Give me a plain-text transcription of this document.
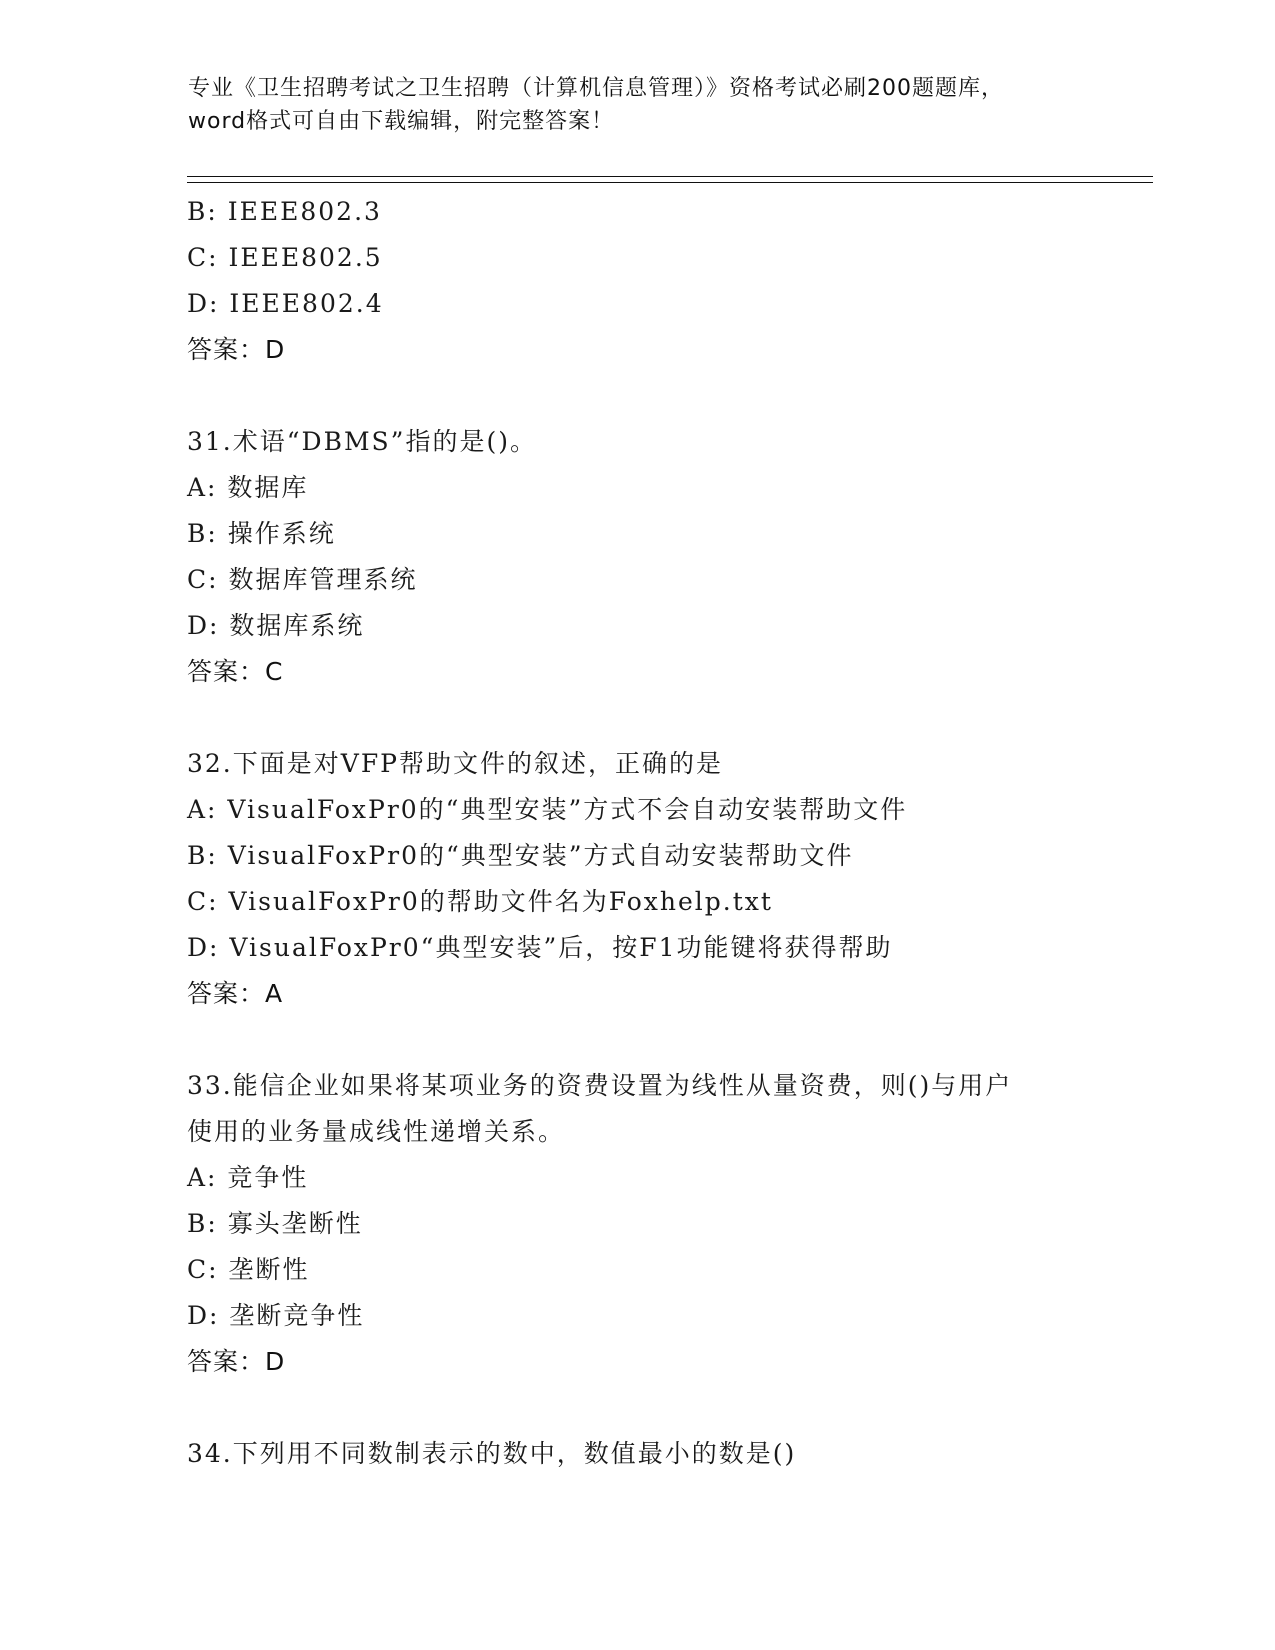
专业《卫生招聘考试之卫生招聘（计算机信息管理）》资格考试必刷200题题库，
word格式可自由下载编辑，附完整答案！
B: IEEE802.3
C: IEEE802.5
D: IEEE802.4
答案：D
31.术语“DBMS”指的是()。
A: 数据库
B: 操作系统
C: 数据库管理系统
D: 数据库系统
答案：C
32.下面是对VFP帮助文件的叙述，正确的是
A: VisualFoxPr0的“典型安装”方式不会自动安装帮助文件
B: VisualFoxPr0的“典型安装”方式自动安装帮助文件
C: VisualFoxPr0的帮助文件名为Foxhelp.txt
D: VisualFoxPr0“典型安装”后，按F1功能键将获得帮助
答案：A
33.能信企业如果将某项业务的资费设置为线性从量资费，则()与用户
使用的业务量成线性递增关系。
A: 竞争性
B: 寡头垄断性
C: 垄断性
D: 垄断竞争性
答案：D
34.下列用不同数制表示的数中，数值最小的数是()
